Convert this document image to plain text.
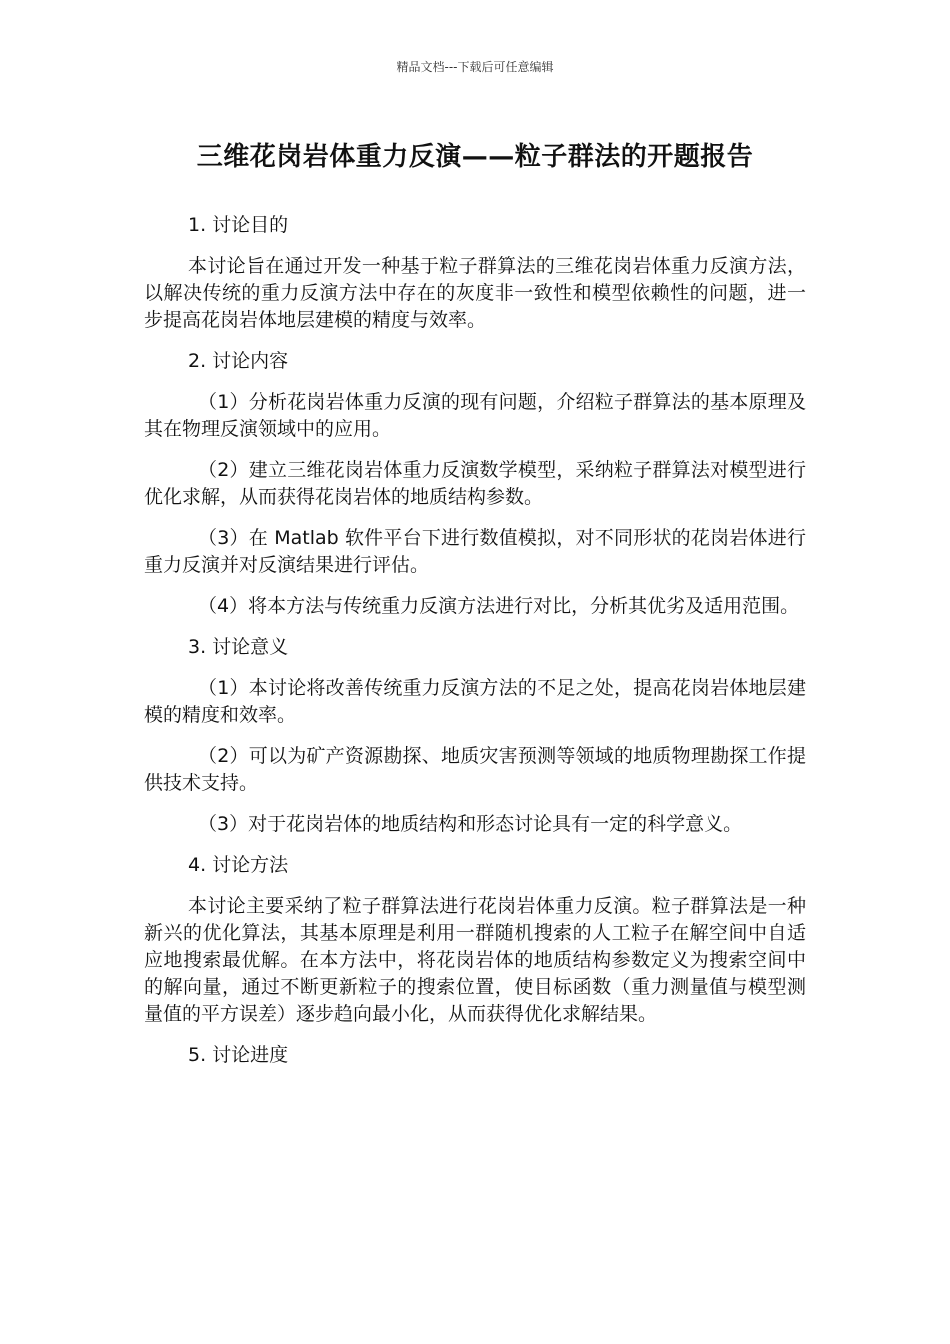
精品文档---下载后可任意编辑
三维花岗岩体重力反演——粒子群法的开题报告
1. 讨论目的
本讨论旨在通过开发一种基于粒子群算法的三维花岗岩体重力反演方法，以解决传统的重力反演方法中存在的灰度非一致性和模型依赖性的问题，进一步提高花岗岩体地层建模的精度与效率。
2. 讨论内容
（1）分析花岗岩体重力反演的现有问题，介绍粒子群算法的基本原理及其在物理反演领域中的应用。
（2）建立三维花岗岩体重力反演数学模型，采纳粒子群算法对模型进行优化求解，从而获得花岗岩体的地质结构参数。
（3）在 Matlab 软件平台下进行数值模拟，对不同形状的花岗岩体进行重力反演并对反演结果进行评估。
（4）将本方法与传统重力反演方法进行对比，分析其优劣及适用范围。
3. 讨论意义
（1）本讨论将改善传统重力反演方法的不足之处，提高花岗岩体地层建模的精度和效率。
（2）可以为矿产资源勘探、地质灾害预测等领域的地质物理勘探工作提供技术支持。
（3）对于花岗岩体的地质结构和形态讨论具有一定的科学意义。
4. 讨论方法
本讨论主要采纳了粒子群算法进行花岗岩体重力反演。粒子群算法是一种新兴的优化算法，其基本原理是利用一群随机搜索的人工粒子在解空间中自适应地搜索最优解。在本方法中，将花岗岩体的地质结构参数定义为搜索空间中的解向量，通过不断更新粒子的搜索位置，使目标函数（重力测量值与模型测量值的平方误差）逐步趋向最小化，从而获得优化求解结果。
5. 讨论进度
